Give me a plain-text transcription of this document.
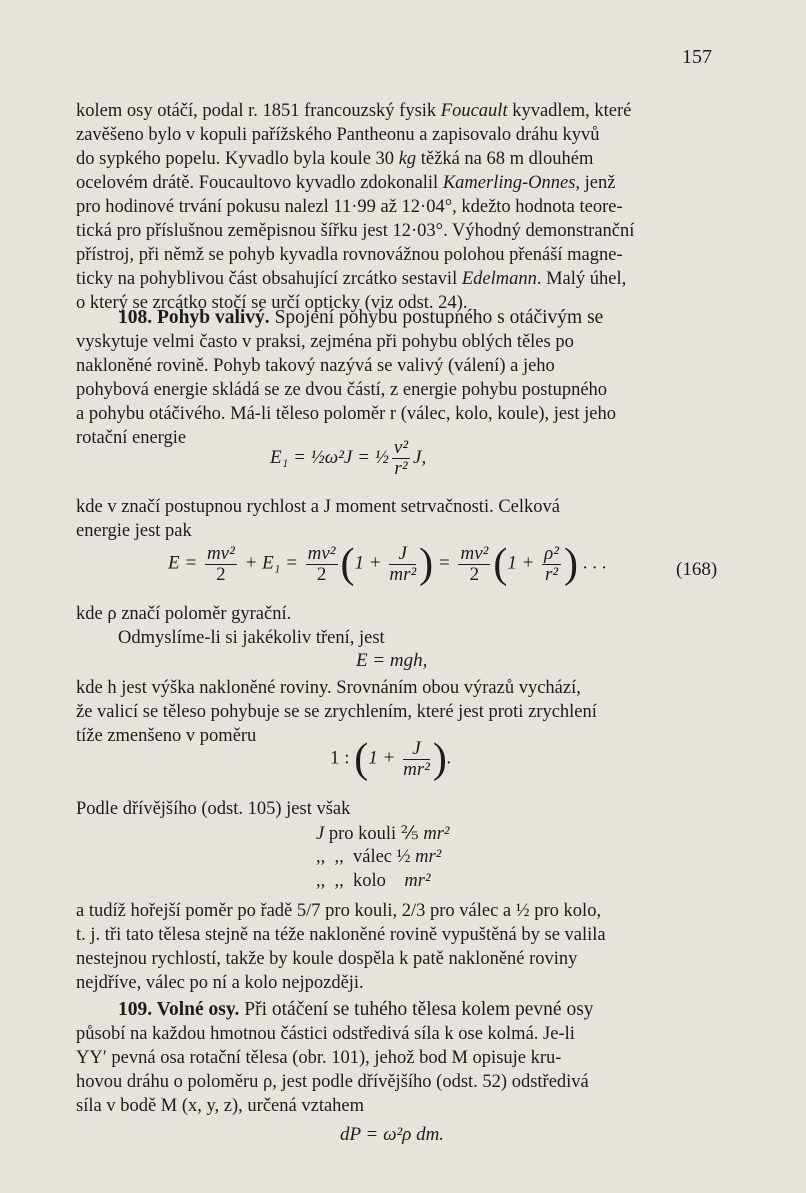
157
kolem osy otáčí, podal r. 1851 francouzský fysik Foucault kyvadlem, které
zavěšeno bylo v kopuli pařížského Pantheonu a zapisovalo dráhu kyvů
do sypkého popelu. Kyvadlo byla koule 30 kg těžká na 68 m dlouhém
ocelovém drátě. Foucaultovo kyvadlo zdokonalil Kamerling-Onnes, jenž
pro hodinové trvání pokusu nalezl 11·99 až 12·04°, kdežto hodnota teore-
tická pro příslušnou zeměpisnou šířku jest 12·03°. Výhodný demonstranční
přístroj, při němž se pohyb kyvadla rovnovážnou polohou přenáší magne-
ticky na pohyblivou část obsahující zrcátko sestavil Edelmann. Malý úhel,
o který se zrcátko stočí se určí opticky (viz odst. 24).
108. Pohyb valivý. Spojení pohybu postupného s otáčivým se
vyskytuje velmi často v praksi, zejména při pohybu oblých těles po
nakloněné rovině. Pohyb takový nazývá se valivý (válení) a jeho
pohybová energie skládá se ze dvou částí, z energie pohybu postupného
a pohybu otáčivého. Má-li těleso poloměr r (válec, kolo, koule), jest jeho
rotační energie
E₁ = ½ω²J = ½ $\frac{\text{v²}}{\text{r²}} J$,
kde v značí postupnou rychlost a J moment setrvačnosti. Celková
energie jest pak
$E = \frac{\text{mv²}}{2} + E_1 = \frac{\text{mv²}}{2} (1 + \frac{J}{\text{mr²}}$ ) = $\frac{\text{mv²}}{2} (1 + \frac{\text{ρ²}}{\text{r²}}$ ) . . .	(168)
kde ρ značí poloměr gyrační.
Odmyslíme-li si jakékoliv tření, jest
E = mgh,
kde h jest výška nakloněné roviny. Srovnáním obou výrazů vychází,
že valicí se těleso pohybuje se se zrychlením, které jest proti zrychlení
tíže zmenšeno v poměru
1 : ($1 + \frac{J}{\text{mr²}}$ ).
Podle dřívějšího (odst. 105) jest však
J pro kouli ⅖ mr²
,, ,, válec ½ mr²
,, ,, kolo mr²
a tudíž hořejší poměr po řadě 5/7 pro kouli, 2/3 pro válec a ½ pro kolo,
t. j. tři tato tělesa stejně na téže nakloněné rovině vypuštěná by se valila
nestejnou rychlostí, takže by koule dospěla k patě nakloněné roviny
nejdříve, válec po ní a kolo nejpozději.
109. Volné osy. Při otáčení se tuhého tělesa kolem pevné osy
působí na každou hmotnou částici odstředivá síla k ose kolmá. Je-li
YY′ pevná osa rotační tělesa (obr. 101), jehož bod M opisuje kru-
hovou dráhu o poloměru ρ, jest podle dřívějšího (odst. 52) odstředivá
síla v bodě M (x, y, z), určená vztahem
dP = ω²ρ dm.
